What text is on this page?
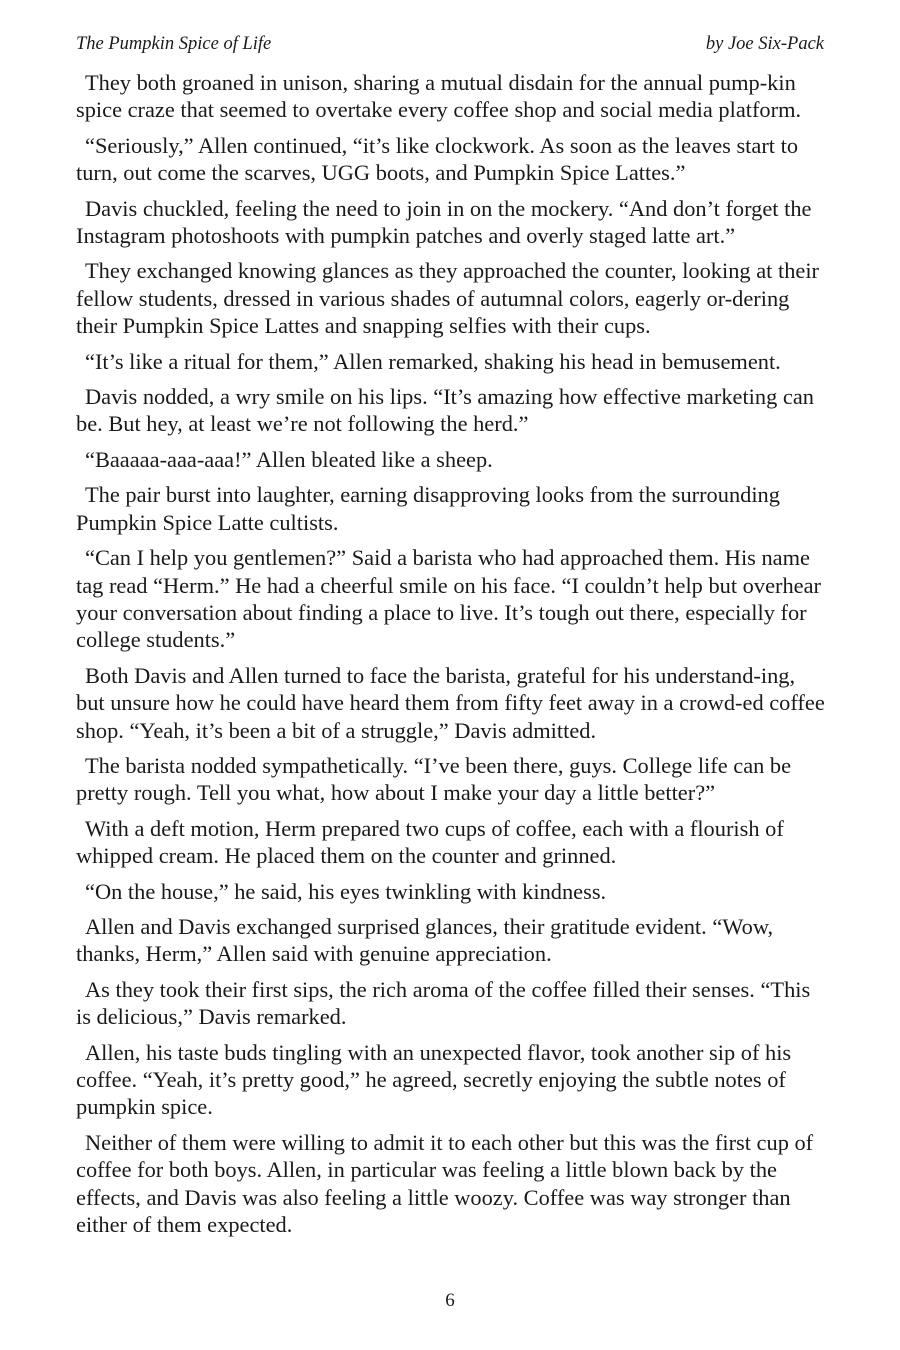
The Pumpkin Spice of Life	by Joe Six-Pack

They both groaned in unison, sharing a mutual disdain for the annual pump-kin spice craze that seemed to overtake every coffee shop and social media platform.

“Seriously,” Allen continued, “it’s like clockwork. As soon as the leaves start to turn, out come the scarves, UGG boots, and Pumpkin Spice Lattes.”

Davis chuckled, feeling the need to join in on the mockery. “And don’t forget the Instagram photoshoots with pumpkin patches and overly staged latte art.”

They exchanged knowing glances as they approached the counter, looking at their fellow students, dressed in various shades of autumnal colors, eagerly or-dering their Pumpkin Spice Lattes and snapping selfies with their cups.

“It’s like a ritual for them,” Allen remarked, shaking his head in bemusement.

Davis nodded, a wry smile on his lips. “It’s amazing how effective marketing can be. But hey, at least we’re not following the herd.”

“Baaaaa-aaa-aaa!” Allen bleated like a sheep.

The pair burst into laughter, earning disapproving looks from the surrounding Pumpkin Spice Latte cultists.

“Can I help you gentlemen?” Said a barista who had approached them. His name tag read “Herm.” He had a cheerful smile on his face. “I couldn’t help but overhear your conversation about finding a place to live. It’s tough out there, especially for college students.”

Both Davis and Allen turned to face the barista, grateful for his understand-ing, but unsure how he could have heard them from fifty feet away in a crowd-ed coffee shop. “Yeah, it’s been a bit of a struggle,” Davis admitted.

The barista nodded sympathetically. “I’ve been there, guys. College life can be pretty rough. Tell you what, how about I make your day a little better?”

With a deft motion, Herm prepared two cups of coffee, each with a flourish of whipped cream. He placed them on the counter and grinned.

“On the house,” he said, his eyes twinkling with kindness.

Allen and Davis exchanged surprised glances, their gratitude evident. “Wow, thanks, Herm,” Allen said with genuine appreciation.

As they took their first sips, the rich aroma of the coffee filled their senses. “This is delicious,” Davis remarked.

Allen, his taste buds tingling with an unexpected flavor, took another sip of his coffee. “Yeah, it’s pretty good,” he agreed, secretly enjoying the subtle notes of pumpkin spice.

Neither of them were willing to admit it to each other but this was the first cup of coffee for both boys. Allen, in particular was feeling a little blown back by the effects, and Davis was also feeling a little woozy. Coffee was way stronger than either of them expected.

6
